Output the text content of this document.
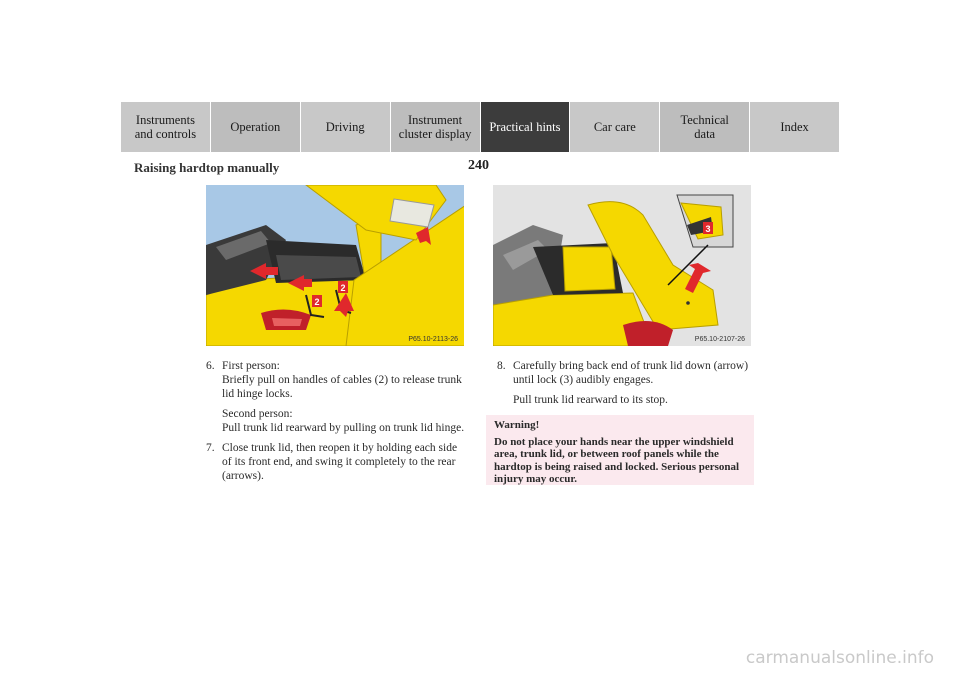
Instruments
and controls	Operation	Driving	Instrument
cluster display	Practical hints	Car care	Technical
data	Index
Raising hardtop manually	240
2
2
P65.10-2113-26
3
P65.10-2107-26
6. First person:
Briefly pull on handles of cables (2) to release trunk lid hinge locks.

Second person:
Pull trunk lid rearward by pulling on trunk lid hinge.

7. Close trunk lid, then reopen it by holding each side of its front end, and swing it completely to the rear (arrows).

8. Carefully bring back end of trunk lid down (arrow) until lock (3) audibly engages.

Pull trunk lid rearward to its stop.

Warning!
Do not place your hands near the upper windshield area, trunk lid, or between roof panels while the hardtop is being raised and locked. Serious personal injury may occur.
carmanualsonline.info
